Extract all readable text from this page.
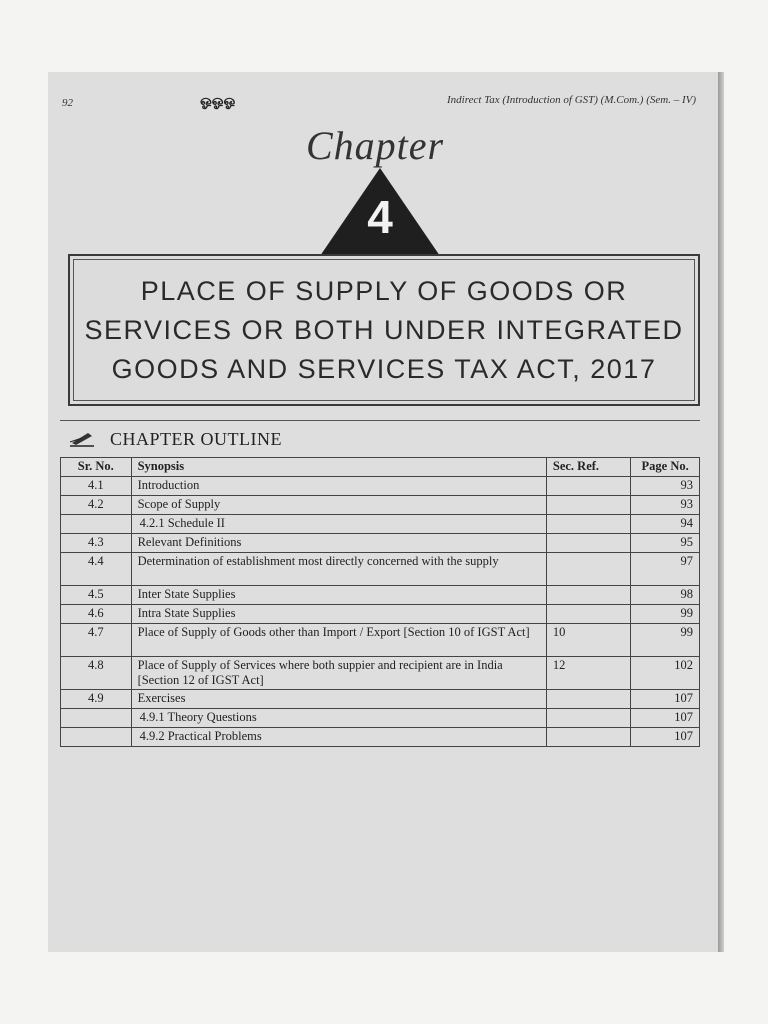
92	ஓஓஓ	Indirect Tax (Introduction of GST) (M.Com.) (Sem. – IV)
Chapter
4
PLACE OF SUPPLY OF GOODS OR
SERVICES OR BOTH UNDER INTEGRATED
GOODS AND SERVICES TAX ACT, 2017
CHAPTER OUTLINE
Sr. No.	Synopsis	Sec. Ref.	Page No.
4.1	Introduction		93
4.2	Scope of Supply		93
	4.2.1 Schedule II		94
4.3	Relevant Definitions		95
4.4	Determination of establishment most directly concerned with the supply		97
4.5	Inter State Supplies		98
4.6	Intra State Supplies		99
4.7	Place of Supply of Goods other than Import / Export [Section 10 of IGST Act]	10	99
4.8	Place of Supply of Services where both suppier and recipient are in India [Section 12 of IGST Act]	12	102
4.9	Exercises		107
	4.9.1 Theory Questions		107
	4.9.2 Practical Problems		107
